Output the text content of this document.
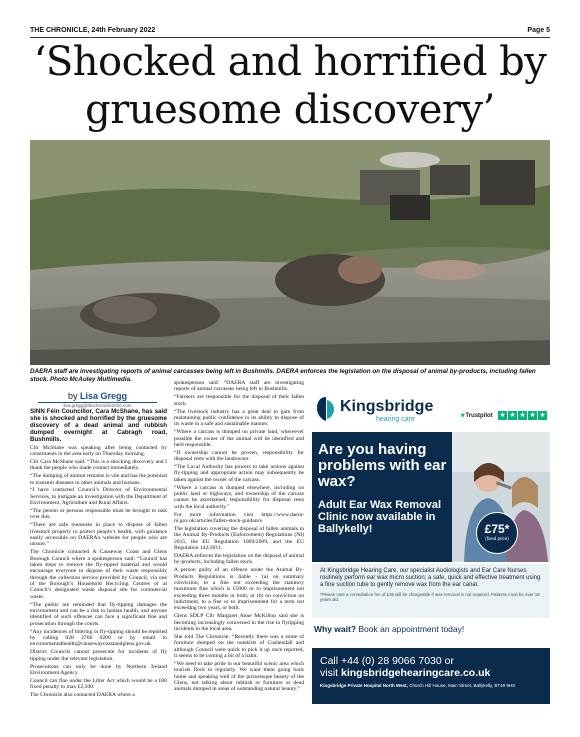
THE CHRONICLE, 24th February 2022	Page 5
‘Shocked and horrified by gruesome discovery’

DAERA staff are investigating reports of animal carcasses being left in Bushmills. DAERA enforces the legislation on the disposal of animal by-products, including fallen stock. Photo McAuley Multimedia.

by Lisa Gregg
lisa.gregg@thechronicle2020.com

SINN Féin Councillor, Cara McShane, has said she is shocked and horrified by the gruesome discovery of a dead animal and rubbish dumped overnight at Cabragh road, Bushmills.

Cllr McShane was speaking after being contacted by constituents in the area early on Thursday morning.

Cllr Cara McShane said: “This is a shocking discovery and I thank the people who made contact immediately.

“The dumping of animal remains is vile and has the potential to transmit diseases to other animals and humans.

“I have contacted Council’s Director of Environmental Services, to instigate an investigation with the Department of Environment, Agriculture and Rural Affairs.

“The person or persons responsible must be brought to task over this.

“There are safe measures in place to dispose of fallen livestock properly to protect people’s health, with guidance easily accessible on DAERA’s website for people who are unsure.”

The Chronicle contacted A Causeway Coast and Glens Borough Council where a spokesperson said: “Council has taken steps to remove the fly-tipped material and would encourage everyone to dispose of their waste responsibly through the collection service provided by Council, via one of the Borough’s Household Recycling Centres or at Council’s designated waste disposal site for commercial waste.

“The public are reminded that fly-tipping damages the environment and can be a risk to human health, and anyone identified of such offences can face a significant fine and prosecution through the courts.

“Any incidences of littering or fly-tipping should be reported by calling 028 2766 0200 or by email to environmentalhealth@causewaycoastandglens.gov.uk.

District Councils cannot prosecute for incidents of fly tipping under the relevant legislation.

Prosecutions can only be done by Northern Ireland Environment Agency.

Council can fine under the Litter Act which would be a £80 fixed penalty to max £2,500.

The Chronicle also contacted DAERA where a

spokesperson said: “DAERA staff are investigating reports of animal carcasses being left in Bushmills.

“Farmers are responsible for the disposal of their fallen stock.

“The livestock industry has a great deal to gain from maintaining public confidence in its ability to dispose of its waste in a safe and sustainable manner.

“Where a carcass is dumped on private land, whereever possible the owner of the animal will be identified and held responsible.

“If ownership cannot be proven, responsibility for disposal rests with the landowner.

“The Local Authority has powers to take actions against fly-tipping and appropriate action may subsequently be taken against the owner of the carcass.

“Where a carcass is dumped elsewhere, including on public land or highways, and ownership of the carcass cannot be ascertained, responsibility for disposal rests with the local authority.”

For more information visit https://www.daera-ni.gov.uk/articles/fallen-stock-guidance

The legislation covering the disposal of fallen animals in the Animal By-Products (Enforcement) Regulations (NI) 2015, the EU Regulation 1069/2009, and the EU Regulation 142/2011.

DAERA enforces the legislation on the disposal of animal by-products, including fallen stock.

A person guilty of an offence under the Animal By-Products Regulations is liable - (a) on summary conviction, to a fine not exceeding the statutory maximum fine which is £5000 or to imprisonment not exceeding three months or both; or (b) on conviction on indictment, to a fine or to imprisonment for a term not exceeding two years, or both.

Glens SDLP Cllr Margaret Anne McKillop said she is becoming increasingly concerned in the rise in flytipping incidents in the local area.

She told The Chronicle: “Recently there was a some of furniture dumped on the outskirts of Cushendall and although Council were quick to pick it up once reported, it seems to be coming a bit of a habit.

“We need to take pride in our beautiful scenic area which tourists flock to regularly. We want them going back home and speaking well of the picturesque beauty of the Glens, not talking about rubbish or furniture or dead animals dumped in areas of outstanding natural beauty.”

Kingsbridge
hearing care	★Trustpilot ★ ★ ★ ★ ★
Are you having problems with ear wax?
Adult Ear Wax Removal Clinic now available in Ballykelly!	£75*
(fixed price)
At Kingsbridge Hearing Care, our specialist Audiologists and Ear Care Nurses routinely perform ear wax micro suction; a safe, quick and effective treatment using a fine suction tube to gently remove wax from the ear canal.
*Please note a consultation fee of £35 will be chargeable if wax removal is not required. Patients must be over 18 years old.
Why wait? Book an appointment today!
Call +44 (0) 28 9066 7030 or
visit kingsbridgehearingcare.co.uk
Kingsbridge Private Hospital North West, Church Hill House, Main Street, Ballykelly, BT49 9HS
